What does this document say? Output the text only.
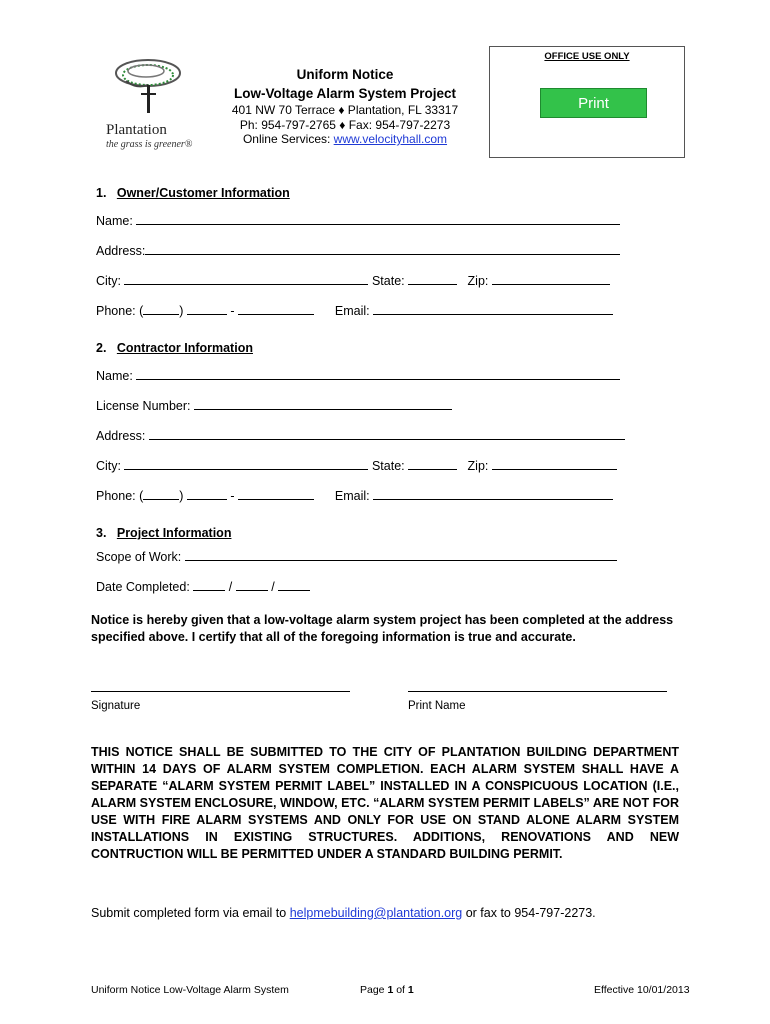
Plantation
the grass is greener®
Uniform Notice
Low-Voltage Alarm System Project
401 NW 70 Terrace ♦ Plantation, FL 33317
Ph: 954-797-2765 ♦ Fax: 954-797-2273
Online Services: www.velocityhall.com
OFFICE USE ONLY
Print
1. Owner/Customer Information
Name:
Address:
City:	State:	Zip:
Phone: (	)	-	Email:
2. Contractor Information
Name:
License Number:
Address:
City:	State:	Zip:
Phone: (	)	-	Email:
3. Project Information
Scope of Work:
Date Completed:	/	/
Notice is hereby given that a low-voltage alarm system project has been completed at the address specified above. I certify that all of the foregoing information is true and accurate.
Signature	Print Name
THIS NOTICE SHALL BE SUBMITTED TO THE CITY OF PLANTATION BUILDING DEPARTMENT WITHIN 14 DAYS OF ALARM SYSTEM COMPLETION. EACH ALARM SYSTEM SHALL HAVE A SEPARATE “ALARM SYSTEM PERMIT LABEL” INSTALLED IN A CONSPICUOUS LOCATION (I.E., ALARM SYSTEM ENCLOSURE, WINDOW, ETC. “ALARM SYSTEM PERMIT LABELS” ARE NOT FOR USE WITH FIRE ALARM SYSTEMS AND ONLY FOR USE ON STAND ALONE ALARM SYSTEM INSTALLATIONS IN EXISTING STRUCTURES. ADDITIONS, RENOVATIONS AND NEW CONTRUCTION WILL BE PERMITTED UNDER A STANDARD BUILDING PERMIT.
Submit completed form via email to helpmebuilding@plantation.org or fax to 954-797-2273.
Uniform Notice Low-Voltage Alarm System	Page 1 of 1	Effective 10/01/2013
